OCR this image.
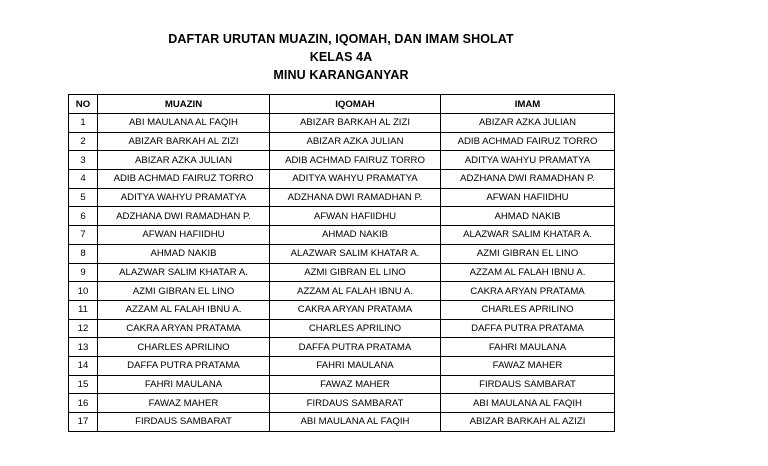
DAFTAR URUTAN MUAZIN, IQOMAH, DAN IMAM SHOLAT
KELAS 4A
MINU KARANGANYAR
NO	MUAZIN	IQOMAH	IMAM
1	ABI MAULANA AL FAQIH	ABIZAR BARKAH AL ZIZI	ABIZAR AZKA JULIAN
2	ABIZAR BARKAH AL ZIZI	ABIZAR AZKA JULIAN	ADIB ACHMAD FAIRUZ TORRO
3	ABIZAR AZKA JULIAN	ADIB ACHMAD FAIRUZ TORRO	ADITYA WAHYU PRAMATYA
4	ADIB ACHMAD FAIRUZ TORRO	ADITYA WAHYU PRAMATYA	ADZHANA DWI RAMADHAN P.
5	ADITYA WAHYU PRAMATYA	ADZHANA DWI RAMADHAN P.	AFWAN HAFIIDHU
6	ADZHANA DWI RAMADHAN P.	AFWAN HAFIIDHU	AHMAD NAKIB
7	AFWAN HAFIIDHU	AHMAD NAKIB	ALAZWAR SALIM KHATAR A.
8	AHMAD NAKIB	ALAZWAR SALIM KHATAR A.	AZMI GIBRAN EL LINO
9	ALAZWAR SALIM KHATAR A.	AZMI GIBRAN EL LINO	AZZAM AL FALAH IBNU A.
10	AZMI GIBRAN EL LINO	AZZAM AL FALAH IBNU A.	CAKRA ARYAN PRATAMA
11	AZZAM AL FALAH IBNU A.	CAKRA ARYAN PRATAMA	CHARLES APRILINO
12	CAKRA ARYAN PRATAMA	CHARLES APRILINO	DAFFA PUTRA PRATAMA
13	CHARLES APRILINO	DAFFA PUTRA PRATAMA	FAHRI MAULANA
14	DAFFA PUTRA PRATAMA	FAHRI MAULANA	FAWAZ MAHER
15	FAHRI MAULANA	FAWAZ MAHER	FIRDAUS SAMBARAT
16	FAWAZ MAHER	FIRDAUS SAMBARAT	ABI MAULANA AL FAQIH
17	FIRDAUS SAMBARAT	ABI MAULANA AL FAQIH	ABIZAR BARKAH AL AZIZI
